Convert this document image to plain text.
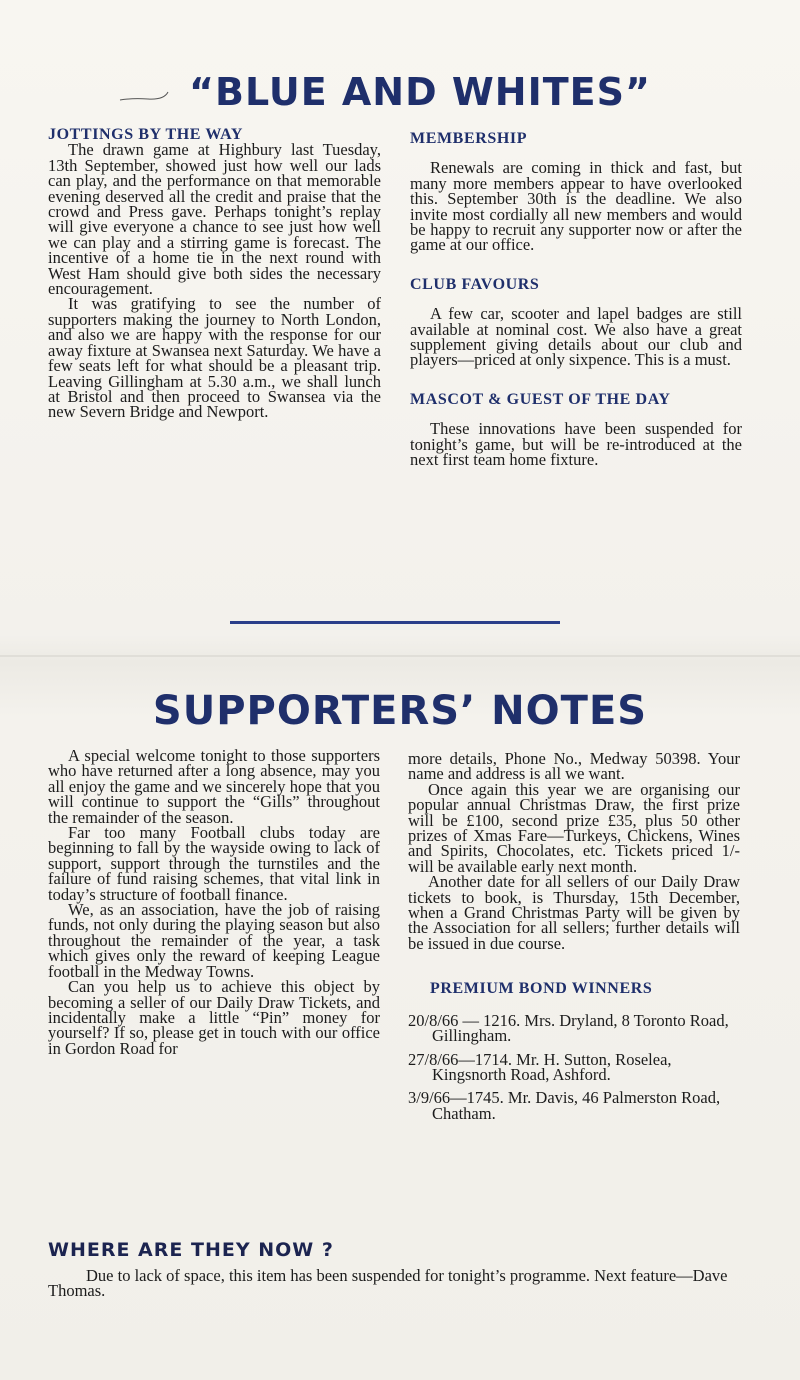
“BLUE AND WHITES”
JOTTINGS BY THE WAY

The drawn game at Highbury last Tuesday, 13th September, showed just how well our lads can play, and the performance on that memorable evening deserved all the credit and praise that the crowd and Press gave. Perhaps tonight’s replay will give everyone a chance to see just how well we can play and a stirring game is forecast. The incentive of a home tie in the next round with West Ham should give both sides the necessary encouragement.

It was gratifying to see the number of supporters making the journey to North London, and also we are happy with the response for our away fixture at Swansea next Saturday. We have a few seats left for what should be a pleasant trip. Leaving Gillingham at 5.30 a.m., we shall lunch at Bristol and then proceed to Swansea via the new Severn Bridge and Newport.

MEMBERSHIP

Renewals are coming in thick and fast, but many more members appear to have overlooked this. September 30th is the deadline. We also invite most cordially all new members and would be happy to recruit any supporter now or after the game at our office.

CLUB FAVOURS

A few car, scooter and lapel badges are still available at nominal cost. We also have a great supplement giving details about our club and players—priced at only sixpence. This is a must.

MASCOT & GUEST OF THE DAY

These innovations have been suspended for tonight’s game, but will be re-introduced at the next first team home fixture.

SUPPORTERS’ NOTES

A special welcome tonight to those supporters who have returned after a long absence, may you all enjoy the game and we sincerely hope that you will continue to support the “Gills” throughout the remainder of the season.

Far too many Football clubs today are beginning to fall by the wayside owing to lack of support, support through the turnstiles and the failure of fund raising schemes, that vital link in today’s structure of football finance.

We, as an association, have the job of raising funds, not only during the playing season but also throughout the remainder of the year, a task which gives only the reward of keeping League football in the Medway Towns.

Can you help us to achieve this object by becoming a seller of our Daily Draw Tickets, and incidentally make a little “Pin” money for yourself? If so, please get in touch with our office in Gordon Road for

more details, Phone No., Medway 50398. Your name and address is all we want.

Once again this year we are organising our popular annual Christmas Draw, the first prize will be £100, second prize £35, plus 50 other prizes of Xmas Fare—Turkeys, Chickens, Wines and Spirits, Chocolates, etc. Tickets priced 1/- will be available early next month.

Another date for all sellers of our Daily Draw tickets to book, is Thursday, 15th December, when a Grand Christmas Party will be given by the Association for all sellers; further details will be issued in due course.

PREMIUM BOND WINNERS

20/8/66 — 1216. Mrs. Dryland, 8 Toronto Road, Gillingham.

27/8/66—1714. Mr. H. Sutton, Roselea, Kingsnorth Road, Ashford.

3/9/66—1745. Mr. Davis, 46 Palmerston Road, Chatham.

WHERE ARE THEY NOW ?

Due to lack of space, this item has been suspended for tonight’s programme. Next feature—Dave Thomas.
